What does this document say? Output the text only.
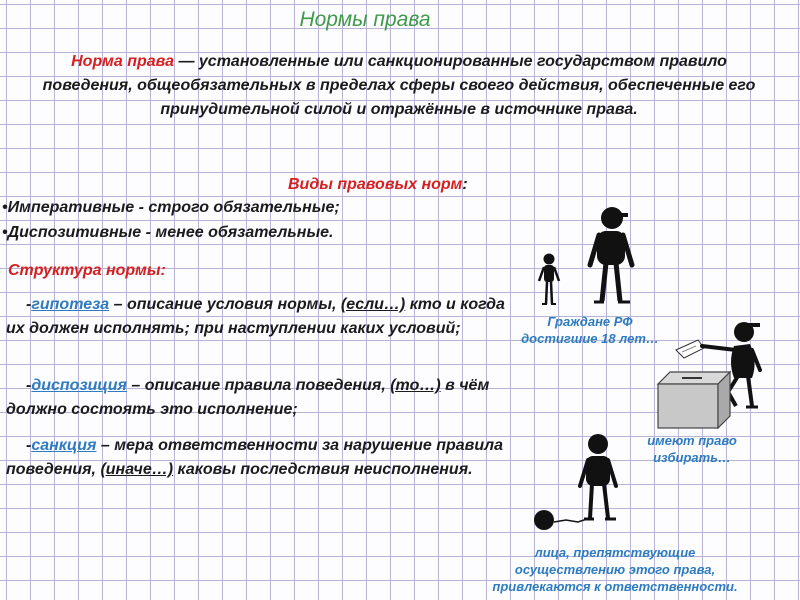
Нормы права
Норма права — установленные или санкционированные государством правило поведения, общеобязательных в пределах сферы своего действия, обеспеченные его принудительной силой и отражённые в источнике права.
Виды правовых норм:
•Императивные - строго обязательные;
•Диспозитивные - менее обязательные.
Структура нормы:
-гипотеза – описание условия нормы, (если…) кто и когда их должен исполнять; при наступлении каких условий;
-диспозиция – описание правила поведения, (то…) в чём должно состоять это исполнение;
-санкция – мера ответственности за нарушение правила поведения, (иначе…) каковы последствия неисполнения.
Граждане РФ
достигшие 18 лет…
имеют право
избирать…
лица, препятствующие
осуществлению этого права,
привлекаются к ответственности.
